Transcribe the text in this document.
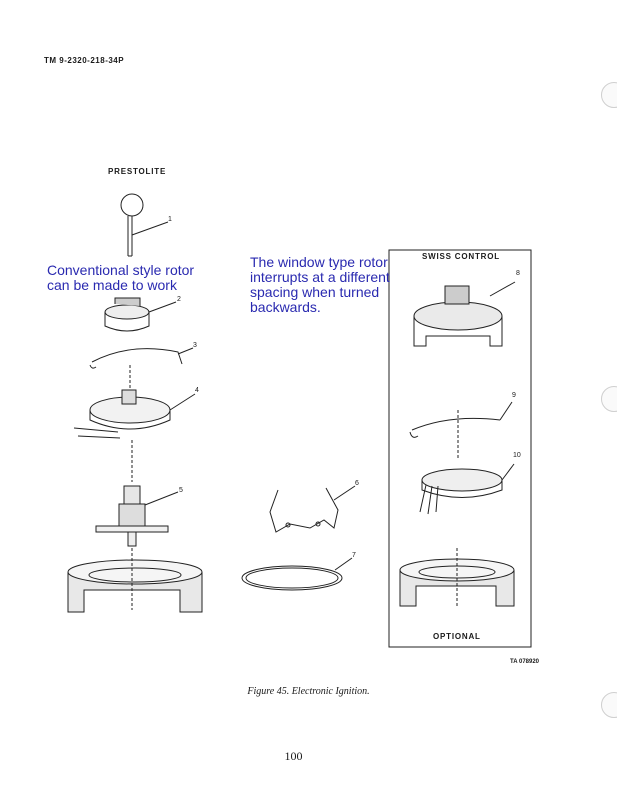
TM 9-2320-218-34P
PRESTOLITE
Conventional style rotor
can be made to work
The window type rotor
interrupts at a different
spacing when turned
backwards.
SWISS CONTROL
OPTIONAL
1
2
3
4
5
6
7
8
9
10
TA 078920
Figure 45. Electronic Ignition.
100
